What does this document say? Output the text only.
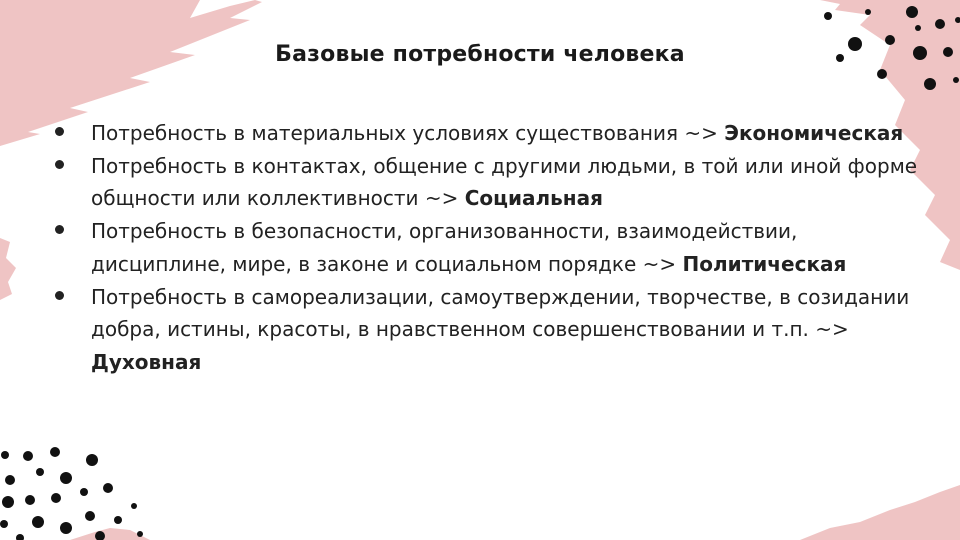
Базовые потребности человека
Потребность в материальных условиях существования ~> Экономическая
Потребность в контактах, общение с другими людьми, в той или иной форме общности или коллективности ~> Социальная
Потребность в безопасности, организованности, взаимодействии, дисциплине, мире, в законе и социальном порядке ~> Политическая
Потребность в самореализации, самоутверждении, творчестве, в созидании добра, истины, красоты, в нравственном совершенствовании и т.п. ~> Духовная
